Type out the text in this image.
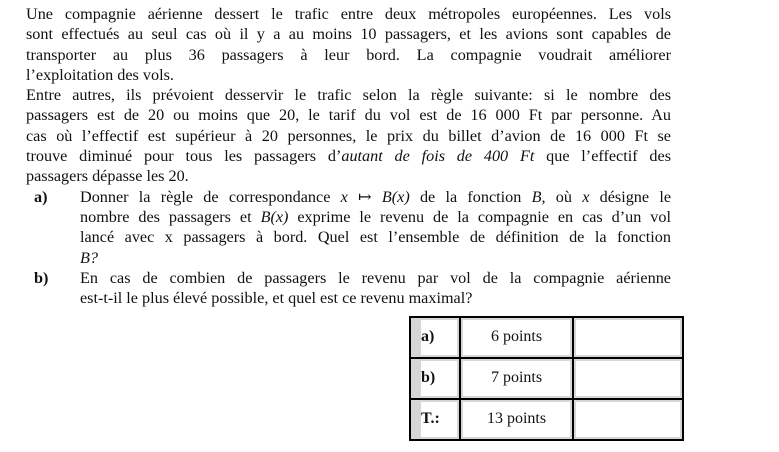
Une compagnie aérienne dessert le trafic entre deux métropoles européennes. Les vols
sont effectués au seul cas où il y a au moins 10 passagers, et les avions sont capables de
transporter au plus 36 passagers à leur bord. La compagnie voudrait améliorer
l’exploitation des vols.

Entre autres, ils prévoient desservir le trafic selon la règle suivante: si le nombre des
passagers est de 20 ou moins que 20, le tarif du vol est de 16 000 Ft par personne. Au
cas où l’effectif est supérieur à 20 personnes, le prix du billet d’avion de 16 000 Ft se
trouve diminué pour tous les passagers d’autant de fois de 400 Ft que l’effectif des
passagers dépasse les 20.

a) Donner la règle de correspondance x ↦ B(x) de la fonction B, où x désigne le
nombre des passagers et B(x) exprime le revenu de la compagnie en cas d’un vol
lancé avec x passagers à bord. Quel est l’ensemble de définition de la fonction
B?
b) En cas de combien de passagers le revenu par vol de la compagnie aérienne
est-t-il le plus élevé possible, et quel est ce revenu maximal?
a)	6 points	

b)	7 points	

T.:	13 points	
